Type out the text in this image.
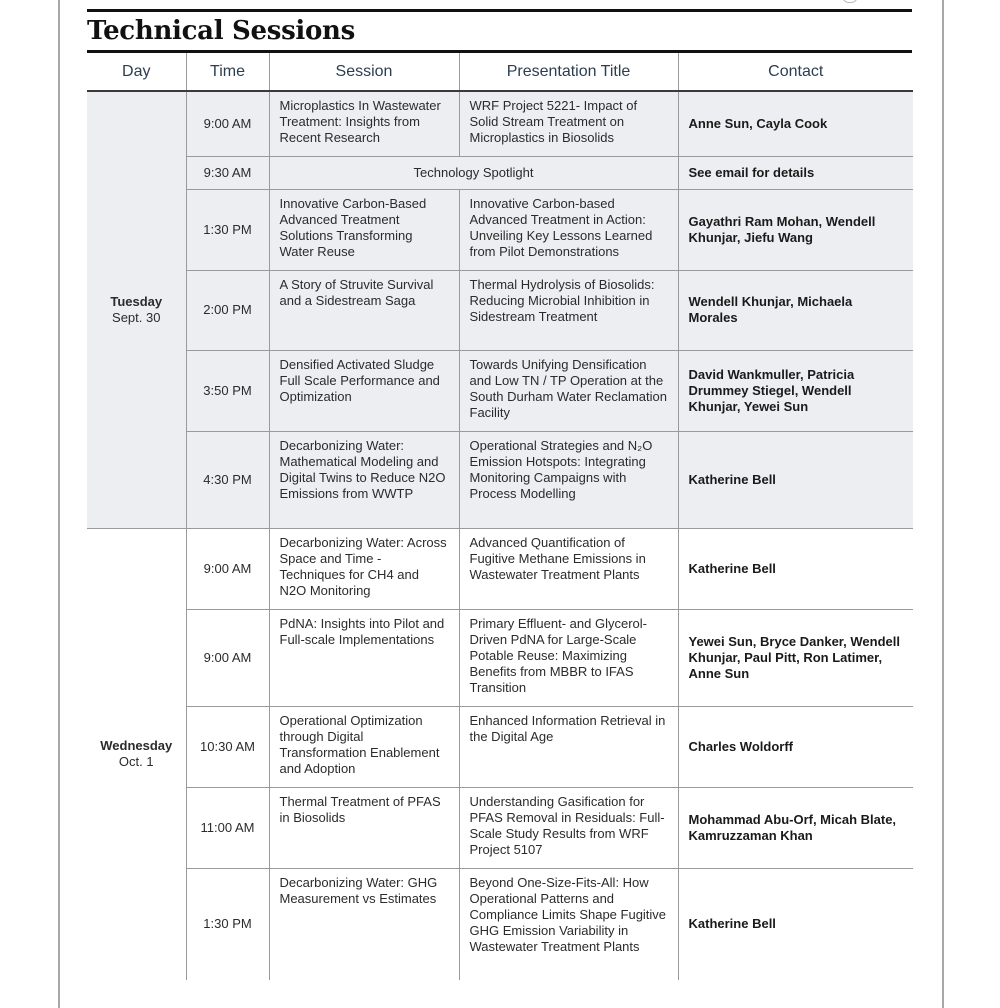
Technical Sessions
Day	Time	Session	Presentation Title	Contact

Tuesday
Sept. 30	9:00 AM	Microplastics In Wastewater Treatment: Insights from Recent Research	WRF Project 5221- Impact of Solid Stream Treatment on Microplastics in Biosolids	Anne Sun, Cayla Cook
	9:30 AM	Technology Spotlight		See email for details
	1:30 PM	Innovative Carbon-Based Advanced Treatment Solutions Transforming Water Reuse	Innovative Carbon-based Advanced Treatment in Action: Unveiling Key Lessons Learned from Pilot Demonstrations	Gayathri Ram Mohan, Wendell Khunjar, Jiefu Wang
	2:00 PM	A Story of Struvite Survival and a Sidestream Saga	Thermal Hydrolysis of Biosolids: Reducing Microbial Inhibition in Sidestream Treatment	Wendell Khunjar, Michaela Morales
	3:50 PM	Densified Activated Sludge Full Scale Performance and Optimization	Towards Unifying Densification and Low TN / TP Operation at the South Durham Water Reclamation Facility	David Wankmuller, Patricia Drummey Stiegel, Wendell Khunjar, Yewei Sun
	4:30 PM	Decarbonizing Water: Mathematical Modeling and Digital Twins to Reduce N2O Emissions from WWTP	Operational Strategies and N₂O Emission Hotspots: Integrating Monitoring Campaigns with Process Modelling	Katherine Bell

Wednesday
Oct. 1	9:00 AM	Decarbonizing Water: Across Space and Time - Techniques for CH4 and N2O Monitoring	Advanced Quantification of Fugitive Methane Emissions in Wastewater Treatment Plants	Katherine Bell
	9:00 AM	PdNA: Insights into Pilot and Full-scale Implementations	Primary Effluent- and Glycerol-Driven PdNA for Large-Scale Potable Reuse: Maximizing Benefits from MBBR to IFAS Transition	Yewei Sun, Bryce Danker, Wendell Khunjar, Paul Pitt, Ron Latimer, Anne Sun
	10:30 AM	Operational Optimization through Digital Transformation Enablement and Adoption	Enhanced Information Retrieval in the Digital Age	Charles Woldorff
	11:00 AM	Thermal Treatment of PFAS in Biosolids	Understanding Gasification for PFAS Removal in Residuals: Full-Scale Study Results from WRF Project 5107	Mohammad Abu-Orf, Micah Blate, Kamruzzaman Khan
	1:30 PM	Decarbonizing Water: GHG Measurement vs Estimates	Beyond One-Size-Fits-All: How Operational Patterns and Compliance Limits Shape Fugitive GHG Emission Variability in Wastewater Treatment Plants	Katherine Bell
